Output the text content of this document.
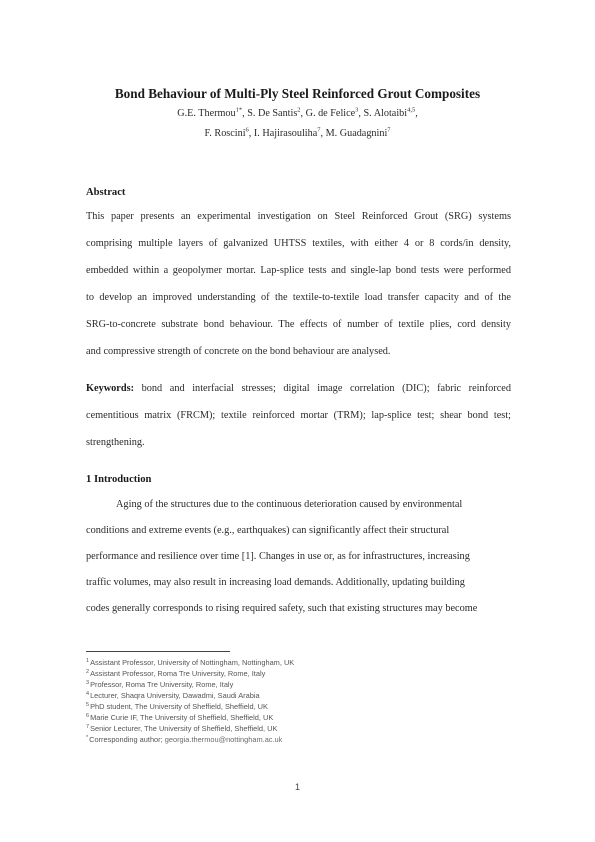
Bond Behaviour of Multi-Ply Steel Reinforced Grout Composites
G.E. Thermou$^{1*}$, S. De Santis$^2$, G. de Felice$^3$, S. Alotaibi$^{4,5}$,
F. Roscini$^6$, I. Hajirasouliha$^7$, M. Guadagnini$^7$
Abstract
This paper presents an experimental investigation on Steel Reinforced Grout (SRG) systems
comprising multiple layers of galvanized UHTSS textiles, with either 4 or 8 cords/in density,
embedded within a geopolymer mortar. Lap-splice tests and single-lap bond tests were performed
to develop an improved understanding of the textile-to-textile load transfer capacity and of the
SRG-to-concrete substrate bond behaviour. The effects of number of textile plies, cord density
and compressive strength of concrete on the bond behaviour are analysed.
Keywords: bond and interfacial stresses; digital image correlation (DIC); fabric reinforced
cementitious matrix (FRCM); textile reinforced mortar (TRM); lap-splice test; shear bond test;
strengthening.
1 Introduction
Aging of the structures due to the continuous deterioration caused by environmental
conditions and extreme events (e.g., earthquakes) can significantly affect their structural
performance and resilience over time [1]. Changes in use or, as for infrastructures, increasing
traffic volumes, may also result in increasing load demands. Additionally, updating building
codes generally corresponds to rising required safety, such that existing structures may become
$^1$Assistant Professor, University of Nottingham, Nottingham, UK
$^2$Assistant Professor, Roma Tre University, Rome, Italy
$^3$Professor, Roma Tre University, Rome, Italy
$^4$Lecturer, Shaqra University, Dawadmi, Saudi Arabia
$^5$PhD student, The University of Sheffield, Sheffield, UK
$^6$Marie Curie IF, The University of Sheffield, Sheffield, UK
$^7$Senior Lecturer, The University of Sheffield, Sheffield, UK
*Corresponding author; georgia.thermou@nottingham.ac.uk
1
